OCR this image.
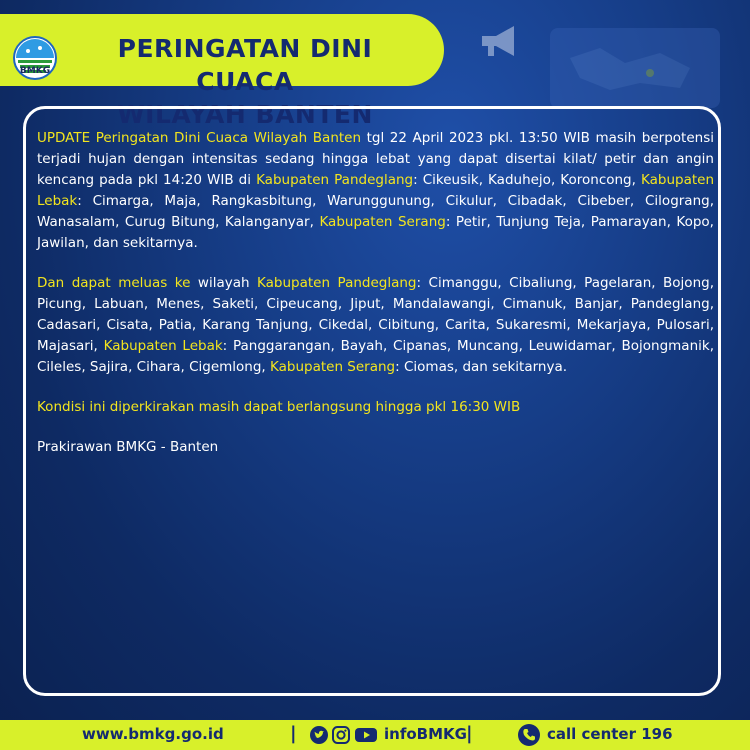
PERINGATAN DINI CUACA
WILAYAH BANTEN
BMKG

UPDATE Peringatan Dini Cuaca Wilayah Banten tgl 22 April 2023 pkl. 13:50 WIB masih berpotensi terjadi hujan dengan intensitas sedang hingga lebat yang dapat disertai kilat/ petir dan angin kencang pada pkl 14:20 WIB di Kabupaten Pandeglang: Cikeusik, Kaduhejo, Koroncong, Kabupaten Lebak: Cimarga, Maja, Rangkasbitung, Warunggunung, Cikulur, Cibadak, Cibeber, Cilograng, Wanasalam, Curug Bitung, Kalanganyar, Kabupaten Serang: Petir, Tunjung Teja, Pamarayan, Kopo, Jawilan, dan sekitarnya.

Dan dapat meluas ke wilayah Kabupaten Pandeglang: Cimanggu, Cibaliung, Pagelaran, Bojong, Picung, Labuan, Menes, Saketi, Cipeucang, Jiput, Mandalawangi, Cimanuk, Banjar, Pandeglang, Cadasari, Cisata, Patia, Karang Tanjung, Cikedal, Cibitung, Carita, Sukaresmi, Mekarjaya, Pulosari, Majasari, Kabupaten Lebak: Panggarangan, Bayah, Cipanas, Muncang, Leuwidamar, Bojongmanik, Cileles, Sajira, Cihara, Cigemlong, Kabupaten Serang: Ciomas, dan sekitarnya.

Kondisi ini diperkirakan masih dapat berlangsung hingga pkl 16:30 WIB

Prakirawan BMKG - Banten

www.bmkg.go.id	|	infoBMKG |	call center 196
